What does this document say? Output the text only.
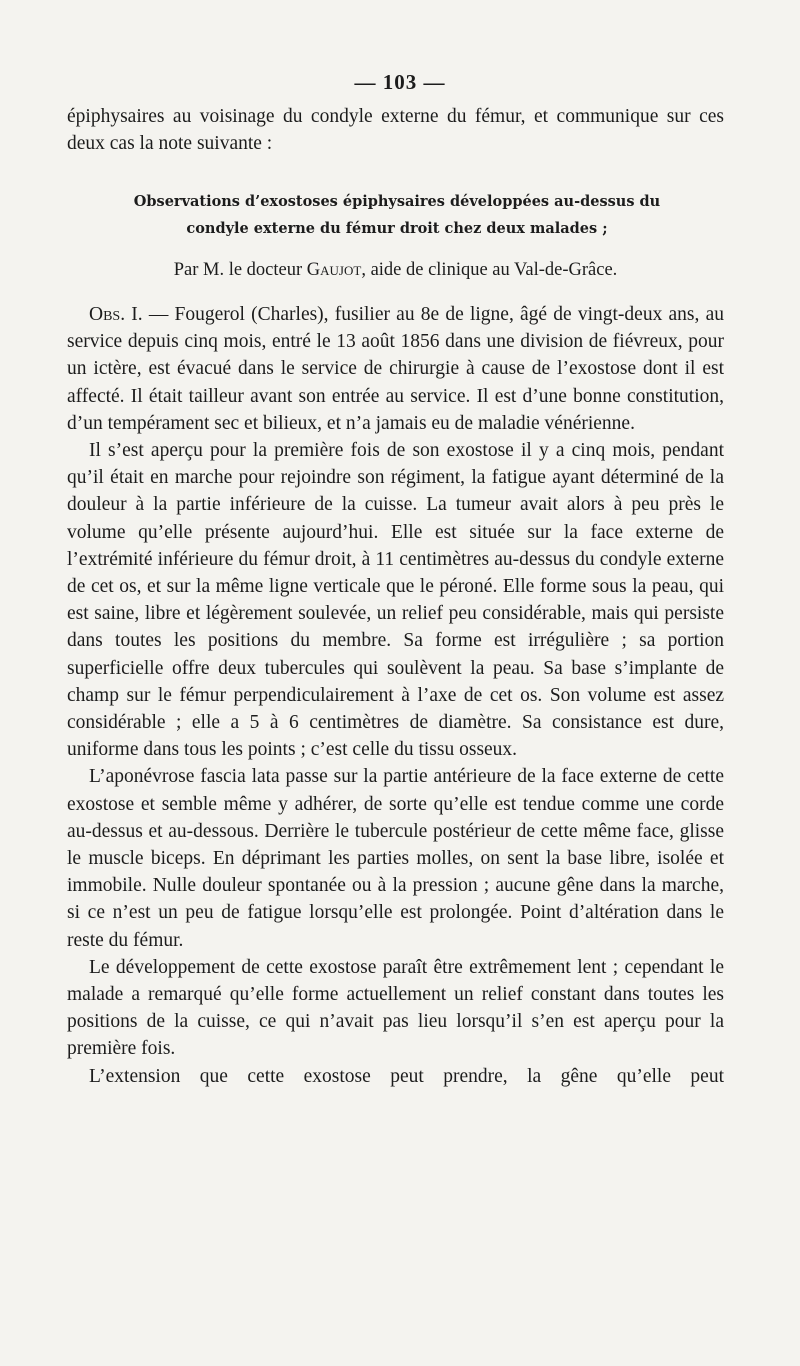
— 103 —

épiphysaires au voisinage du condyle externe du fémur, et communique sur ces deux cas la note suivante :

Observations d’exostoses épiphysaires développées au-dessus du
condyle externe du fémur droit chez deux malades ;
Par M. le docteur Gaujot, aide de clinique au Val-de-Grâce.

Obs. I. — Fougerol (Charles), fusilier au 8e de ligne, âgé de vingt-deux ans, au service depuis cinq mois, entré le 13 août 1856 dans une division de fiévreux, pour un ictère, est évacué dans le service de chirurgie à cause de l’exostose dont il est affecté. Il était tailleur avant son entrée au service. Il est d’une bonne constitution, d’un tempérament sec et bilieux, et n’a jamais eu de maladie vénérienne.

Il s’est aperçu pour la première fois de son exostose il y a cinq mois, pendant qu’il était en marche pour rejoindre son régiment, la fatigue ayant déterminé de la douleur à la partie inférieure de la cuisse. La tumeur avait alors à peu près le volume qu’elle présente aujourd’hui. Elle est située sur la face externe de l’extrémité inférieure du fémur droit, à 11 centimètres au-dessus du condyle externe de cet os, et sur la même ligne verticale que le péroné. Elle forme sous la peau, qui est saine, libre et légèrement soulevée, un relief peu considérable, mais qui persiste dans toutes les positions du membre. Sa forme est irrégulière ; sa portion superficielle offre deux tubercules qui soulèvent la peau. Sa base s’implante de champ sur le fémur perpendiculairement à l’axe de cet os. Son volume est assez considérable ; elle a 5 à 6 centimètres de diamètre. Sa consistance est dure, uniforme dans tous les points ; c’est celle du tissu osseux.

L’aponévrose fascia lata passe sur la partie antérieure de la face externe de cette exostose et semble même y adhérer, de sorte qu’elle est tendue comme une corde au-dessus et au-dessous. Derrière le tubercule postérieur de cette même face, glisse le muscle biceps. En déprimant les parties molles, on sent la base libre, isolée et immobile. Nulle douleur spontanée ou à la pression ; aucune gêne dans la marche, si ce n’est un peu de fatigue lorsqu’elle est prolongée. Point d’altération dans le reste du fémur.

Le développement de cette exostose paraît être extrêmement lent ; cependant le malade a remarqué qu’elle forme actuellement un relief constant dans toutes les positions de la cuisse, ce qui n’avait pas lieu lorsqu’il s’en est aperçu pour la première fois.

L’extension que cette exostose peut prendre, la gêne qu’elle peut
